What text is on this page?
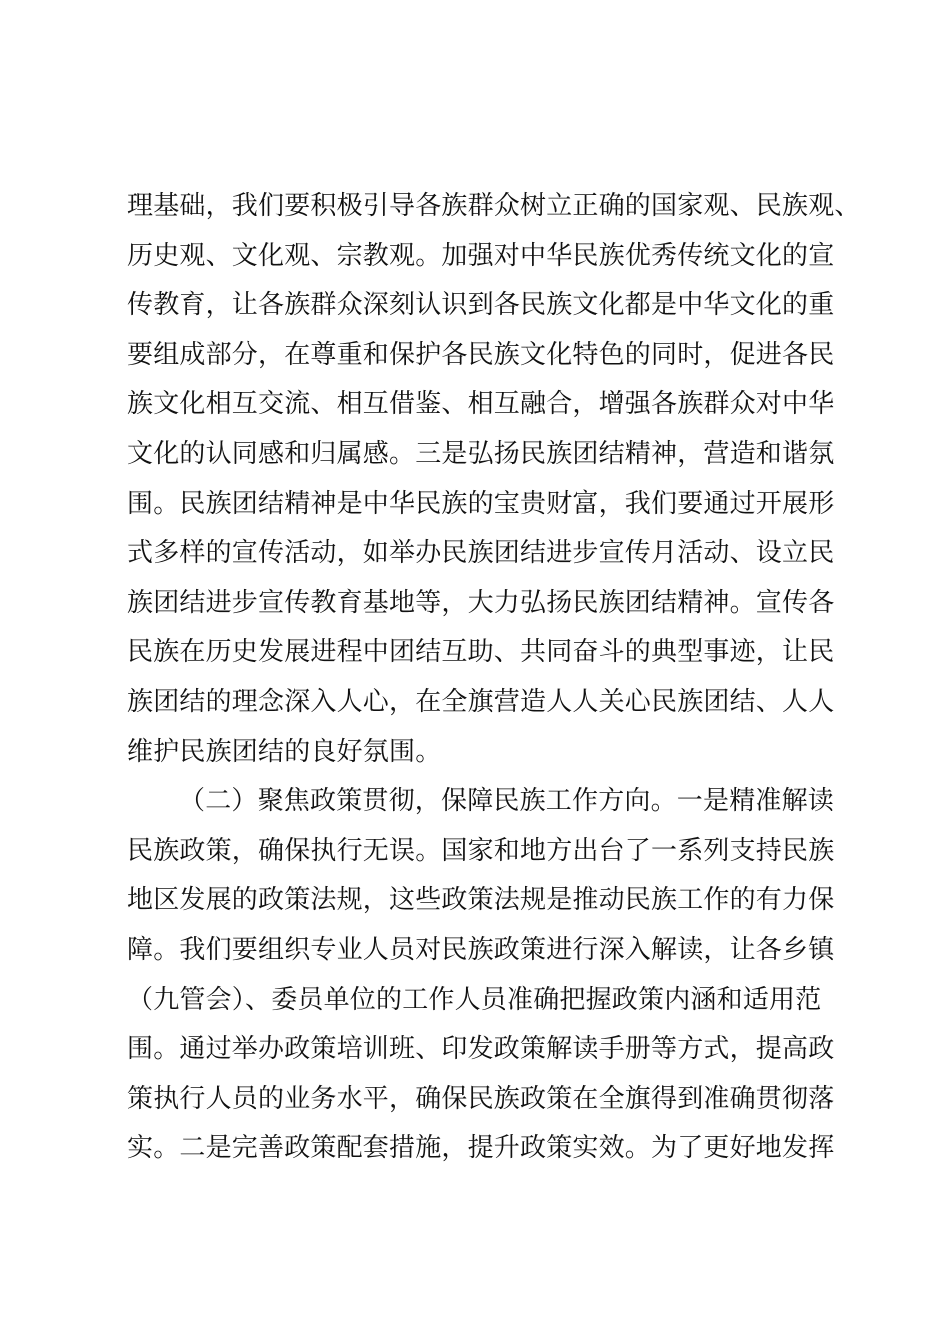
理基础，我们要积极引导各族群众树立正确的国家观、民族观、
历史观、文化观、宗教观。加强对中华民族优秀传统文化的宣
传教育，让各族群众深刻认识到各民族文化都是中华文化的重
要组成部分，在尊重和保护各民族文化特色的同时，促进各民
族文化相互交流、相互借鉴、相互融合，增强各族群众对中华
文化的认同感和归属感。三是弘扬民族团结精神，营造和谐氛
围。民族团结精神是中华民族的宝贵财富，我们要通过开展形
式多样的宣传活动，如举办民族团结进步宣传月活动、设立民
族团结进步宣传教育基地等，大力弘扬民族团结精神。宣传各
民族在历史发展进程中团结互助、共同奋斗的典型事迹，让民
族团结的理念深入人心，在全旗营造人人关心民族团结、人人
维护民族团结的良好氛围。
（二）聚焦政策贯彻，保障民族工作方向。一是精准解读
民族政策，确保执行无误。国家和地方出台了一系列支持民族
地区发展的政策法规，这些政策法规是推动民族工作的有力保
障。我们要组织专业人员对民族政策进行深入解读，让各乡镇
（九管会）、委员单位的工作人员准确把握政策内涵和适用范
围。通过举办政策培训班、印发政策解读手册等方式，提高政
策执行人员的业务水平，确保民族政策在全旗得到准确贯彻落
实。二是完善政策配套措施，提升政策实效。为了更好地发挥
